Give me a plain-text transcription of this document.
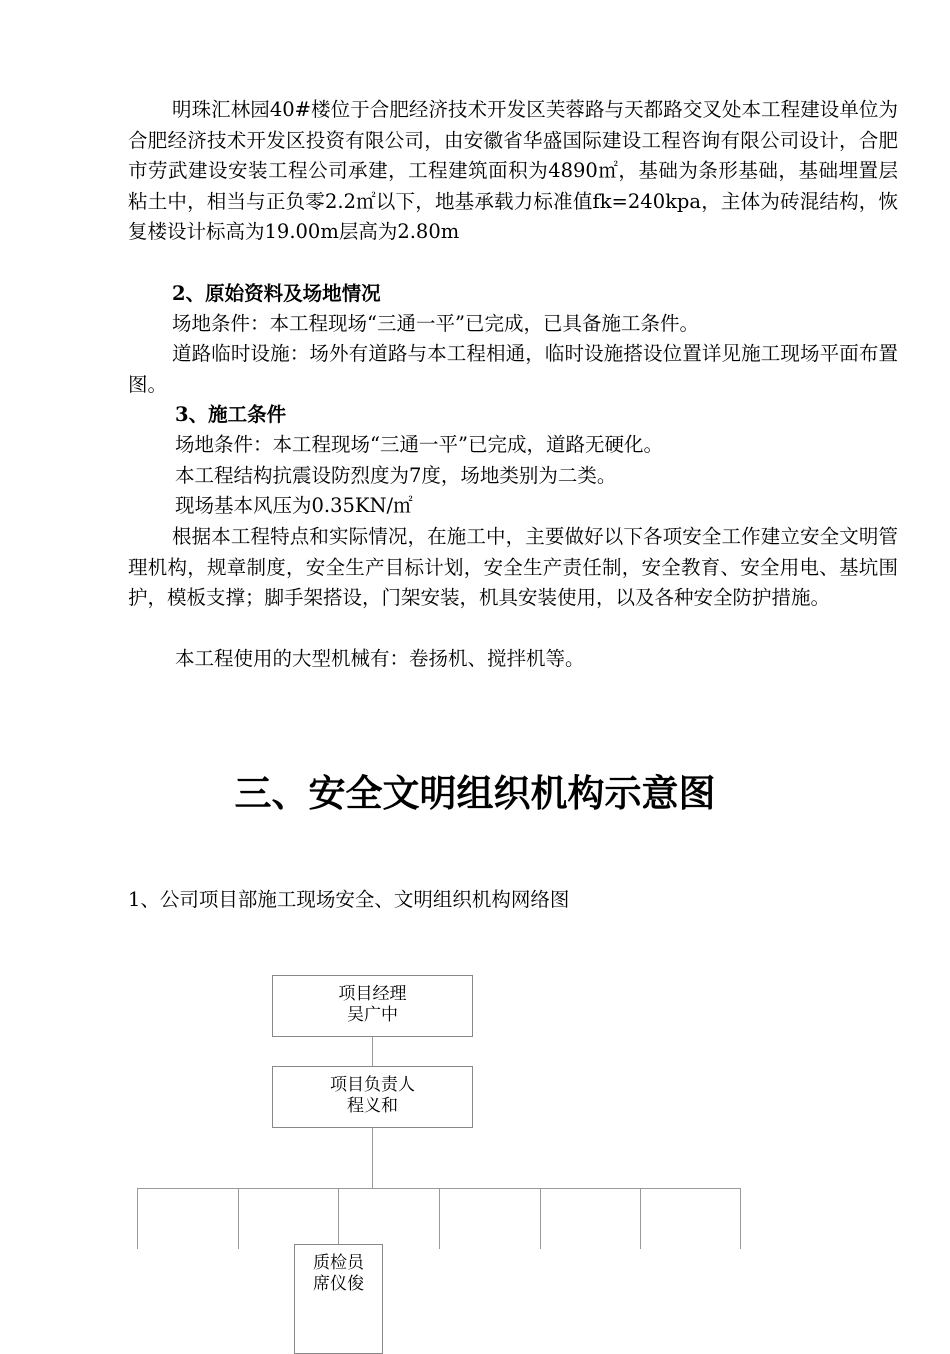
明珠汇林园40#楼位于合肥经济技术开发区芙蓉路与天都路交叉处本工程建设单位为合肥经济技术开发区投资有限公司，由安徽省华盛国际建设工程咨询有限公司设计，合肥市劳武建设安装工程公司承建，工程建筑面积为4890㎡，基础为条形基础，基础埋置层粘土中，相当与正负零2.2㎡以下，地基承载力标准值fk=240kpa，主体为砖混结构，恢复楼设计标高为19.00m层高为2.80m

2、原始资料及场地情况

场地条件：本工程现场“三通一平”已完成，已具备施工条件。

道路临时设施：场外有道路与本工程相通，临时设施搭设位置详见施工现场平面布置图。

3、施工条件

场地条件：本工程现场“三通一平”已完成，道路无硬化。

本工程结构抗震设防烈度为7度，场地类别为二类。

现场基本风压为0.35KN/㎡

根据本工程特点和实际情况，在施工中，主要做好以下各项安全工作建立安全文明管理机构，规章制度，安全生产目标计划，安全生产责任制，安全教育、安全用电、基坑围护，模板支撑；脚手架搭设，门架安装，机具安装使用，以及各种安全防护措施。

本工程使用的大型机械有：卷扬机、搅拌机等。

三、安全文明组织机构示意图

1、公司项目部施工现场安全、文明组织机构网络图

项目经理
吴广中
项目负责人
程义和
质检员
席仪俊
